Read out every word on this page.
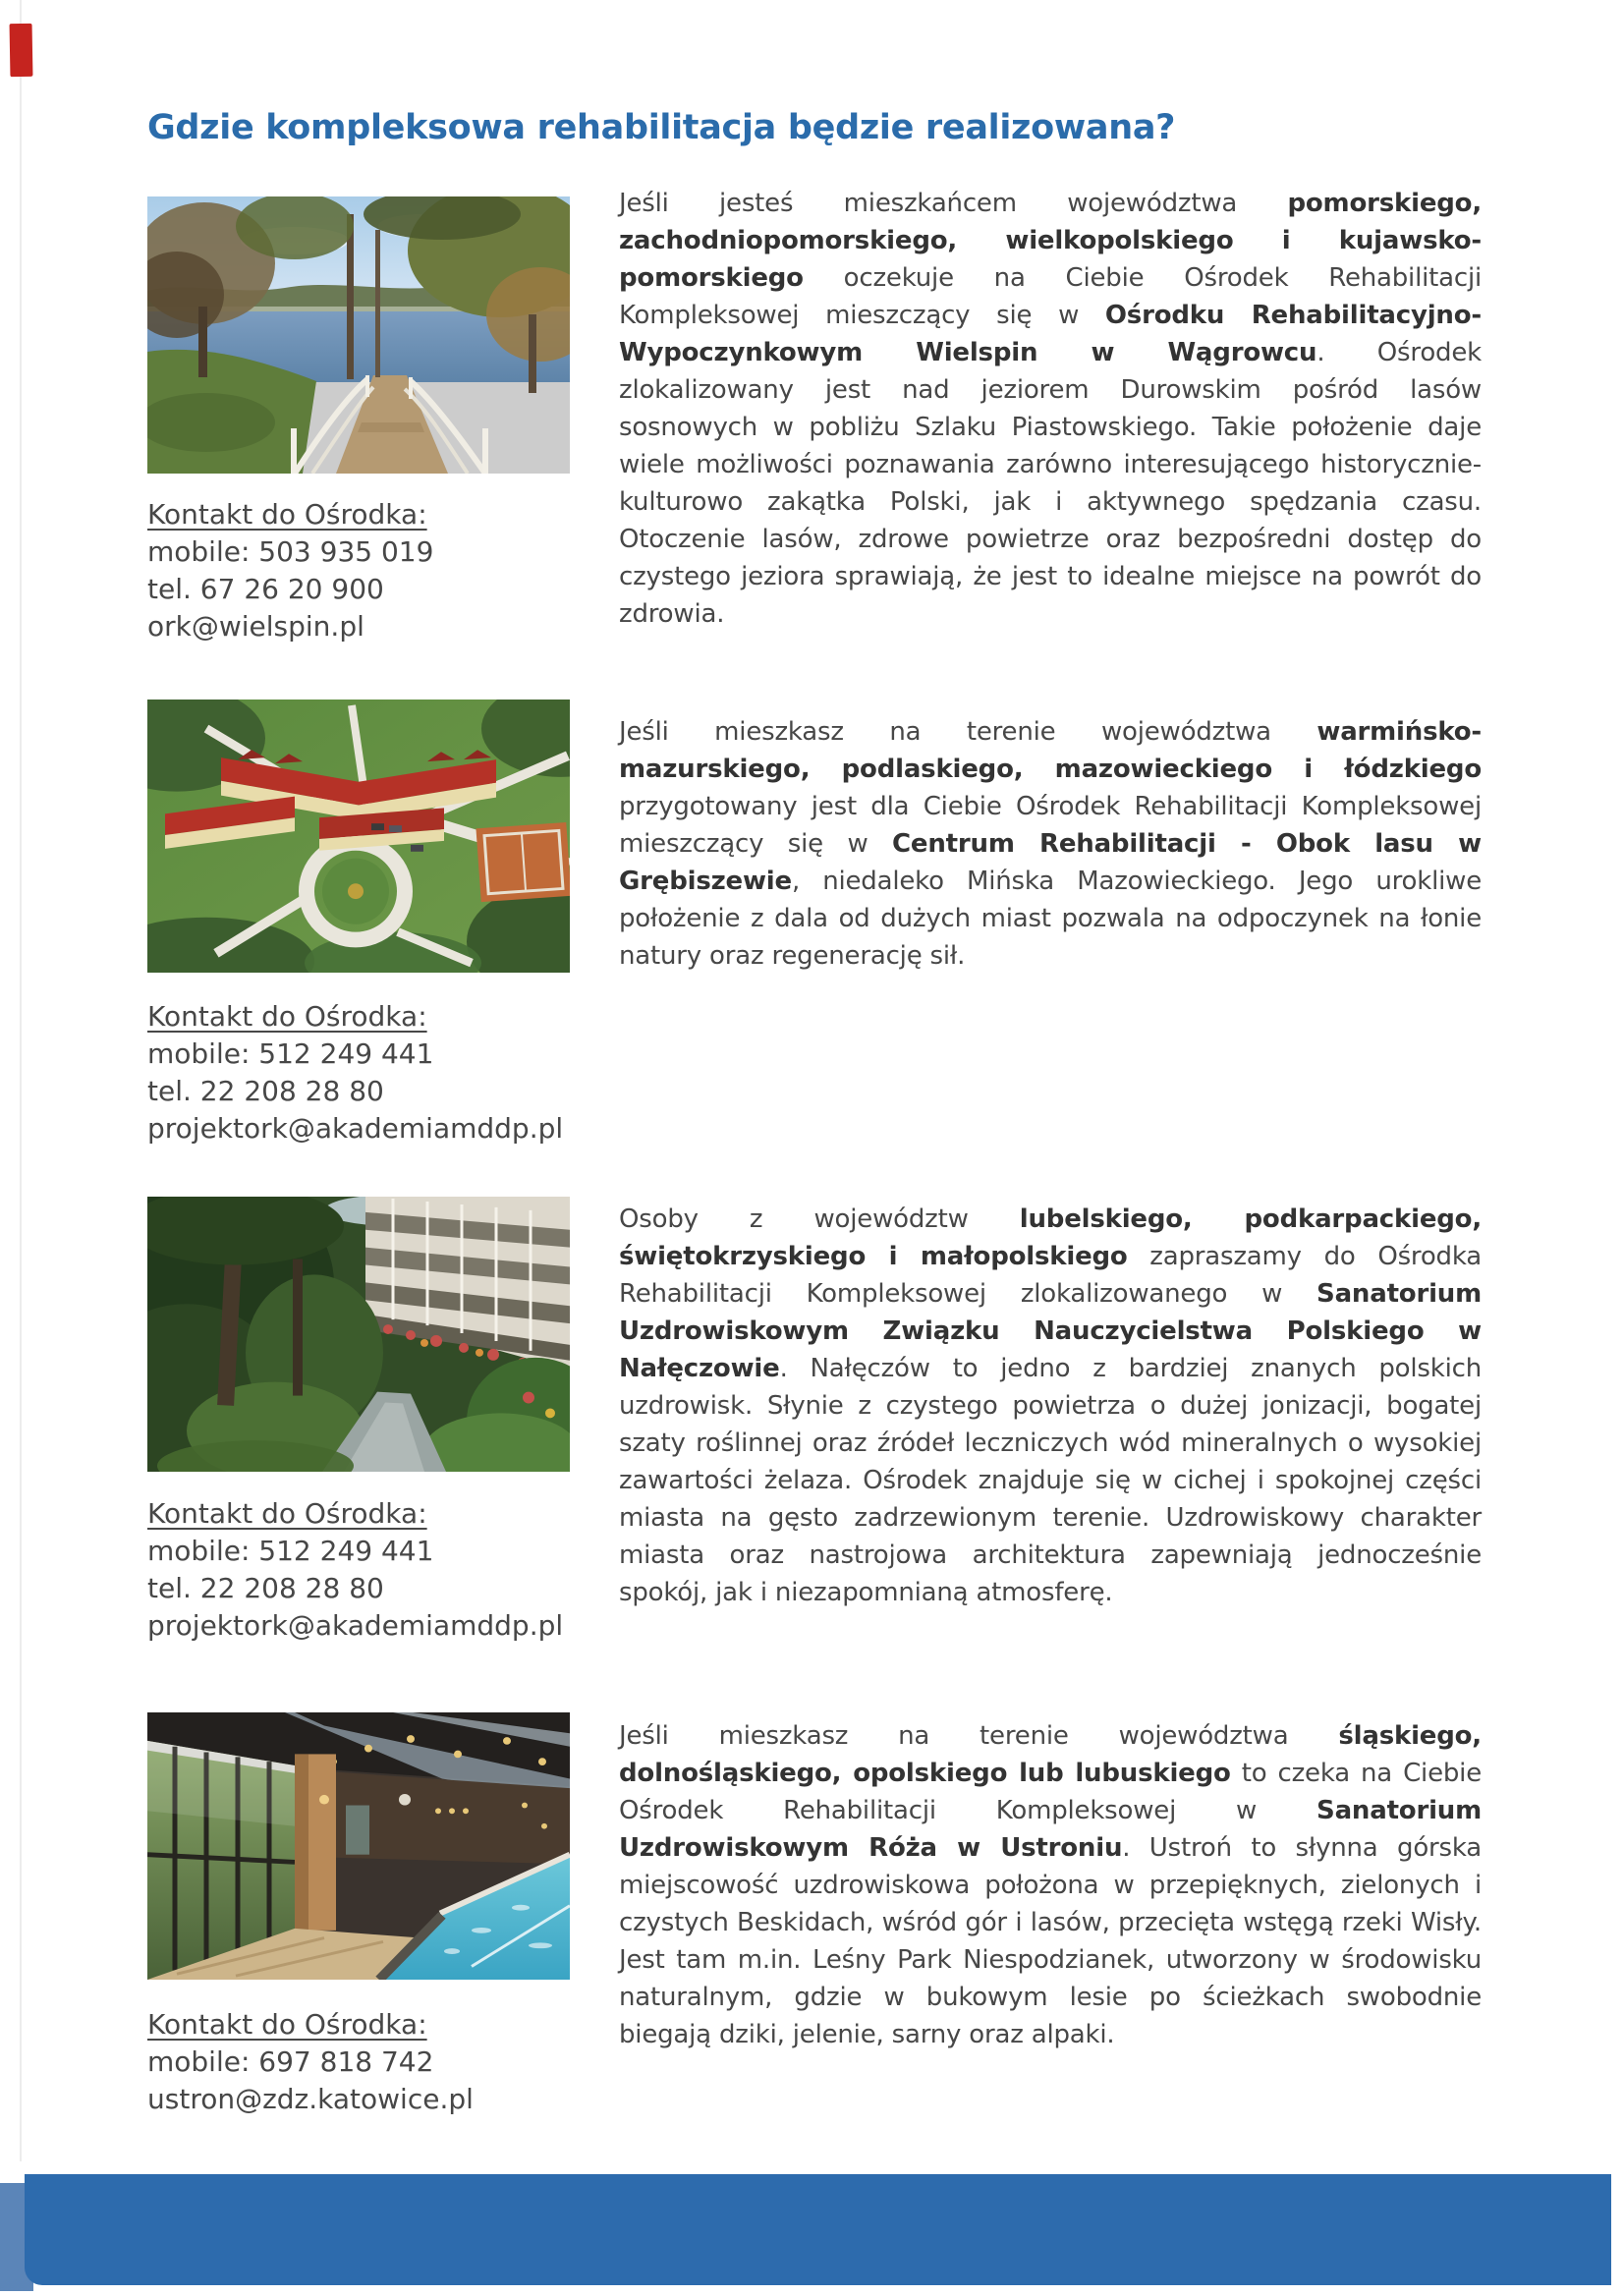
Gdzie kompleksowa rehabilitacja będzie realizowana?
Jeśli jesteś mieszkańcem województwa pomorskiego, zachodniopomorskiego, wielkopolskiego i kujawsko-pomorskiego oczekuje na Ciebie Ośrodek Rehabilitacji Kompleksowej mieszczący się w Ośrodku Rehabilitacyjno-Wypoczynkowym Wielspin w Wągrowcu. Ośrodek zlokalizowany jest nad jeziorem Durowskim pośród lasów sosnowych w pobliżu Szlaku Piastowskiego. Takie położenie daje wiele możliwości poznawania zarówno interesującego historycznie-kulturowo zakątka Polski, jak i aktywnego spędzania czasu. Otoczenie lasów, zdrowe powietrze oraz bezpośredni dostęp do czystego jeziora sprawiają, że jest to idealne miejsce na powrót do zdrowia.
Kontakt do Ośrodka:
mobile: 503 935 019
tel. 67 26 20 900
ork@wielspin.pl
Jeśli mieszkasz na terenie województwa warmińsko-mazurskiego, podlaskiego, mazowieckiego i łódzkiego przygotowany jest dla Ciebie Ośrodek Rehabilitacji Kompleksowej mieszczący się w Centrum Rehabilitacji - Obok lasu w Grębiszewie, niedaleko Mińska Mazowieckiego. Jego urokliwe położenie z dala od dużych miast pozwala na odpoczynek na łonie natury oraz regenerację sił.
Kontakt do Ośrodka:
mobile: 512 249 441
tel. 22 208 28 80
projektork@akademiamddp.pl
Osoby z województw lubelskiego, podkarpackiego, świętokrzyskiego i małopolskiego zapraszamy do Ośrodka Rehabilitacji Kompleksowej zlokalizowanego w Sanatorium Uzdrowiskowym Związku Nauczycielstwa Polskiego w Nałęczowie. Nałęczów to jedno z bardziej znanych polskich uzdrowisk. Słynie z czystego powietrza o dużej jonizacji, bogatej szaty roślinnej oraz źródeł leczniczych wód mineralnych o wysokiej zawartości żelaza. Ośrodek znajduje się w cichej i spokojnej części miasta na gęsto zadrzewionym terenie. Uzdrowiskowy charakter miasta oraz nastrojowa architektura zapewniają jednocześnie spokój, jak i niezapomnianą atmosferę.
Kontakt do Ośrodka:
mobile: 512 249 441
tel. 22 208 28 80
projektork@akademiamddp.pl
Jeśli mieszkasz na terenie województwa śląskiego, dolnośląskiego, opolskiego lub lubuskiego to czeka na Ciebie Ośrodek Rehabilitacji Kompleksowej w Sanatorium Uzdrowiskowym Róża w Ustroniu. Ustroń to słynna górska miejscowość uzdrowiskowa położona w przepięknych, zielonych i czystych Beskidach, wśród gór i lasów, przecięta wstęgą rzeki Wisły. Jest tam m.in. Leśny Park Niespodzianek, utworzony w środowisku naturalnym, gdzie w bukowym lesie po ścieżkach swobodnie biegają dziki, jelenie, sarny oraz alpaki.
Kontakt do Ośrodka:
mobile: 697 818 742
ustron@zdz.katowice.pl
